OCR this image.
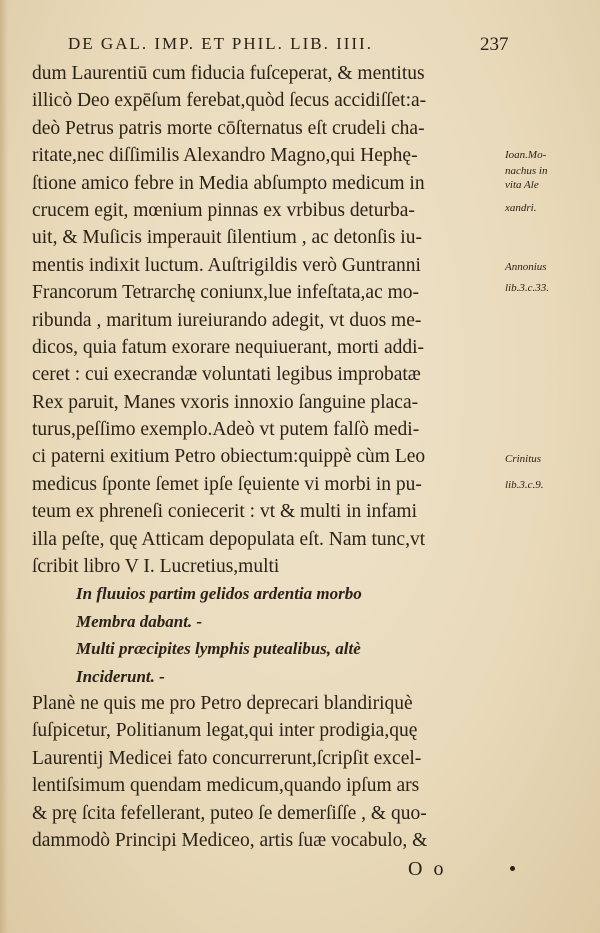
DE GAL. IMP. ET PHIL. LIB. IIII.	237
dum Laurentiū cum fiducia fuſceperat, & mentitus
illicò Deo expēſum ferebat,quòd ſecus accidiſſet:a-
deò Petrus patris morte cōſternatus eſt crudeli cha-
ritate,nec diſſimilis Alexandro Magno,qui Hephę-
ſtione amico febre in Media abſumpto medicum in
crucem egit, mœnium pinnas ex vrbibus deturba-
uit, & Muſicis imperauit ſilentium , ac detonſis iu-
mentis indixit luctum. Auſtrigildis verò Guntranni
Francorum Tetrarchę coniunx,lue infeſtata,ac mo-
ribunda , maritum iureiurando adegit, vt duos me-
dicos, quia fatum exorare nequiuerant, morti addi-
ceret : cui execrandæ voluntati legibus improbatæ
Rex paruit, Manes vxoris innoxio ſanguine placa-
turus,peſſimo exemplo.Adeò vt putem falſò medi-
ci paterni exitium Petro obiectum:quippè cùm Leo
medicus ſponte ſemet ipſe ſęuiente vi morbi in pu-
teum ex phreneſi coniecerit : vt & multi in infami
illa peſte, quę Atticam depopulata eſt. Nam tunc,vt
ſcribit libro V I. Lucretius,multi
In fluuios partim gelidos ardentia morbo
Membra dabant. -
Multi præcipites lymphis putealibus, altè
Inciderunt. -
Planè ne quis me pro Petro deprecari blandiriquè
ſuſpicetur, Politianum legat,qui inter prodigia,quę
Laurentij Medicei fato concurrerunt,ſcripſit excel-
lentiſsimum quendam medicum,quando ipſum ars
& prę ſcita fefellerant, puteo ſe demerſiſſe , & quo-
dammodò Principi Mediceo, artis ſuæ vocabulo, &
Ioan.Mo-
nachus in
vita Ale
xandri.
Annonius
lib.3.c.33.
Crinitus
lib.3.c.9.
O o
